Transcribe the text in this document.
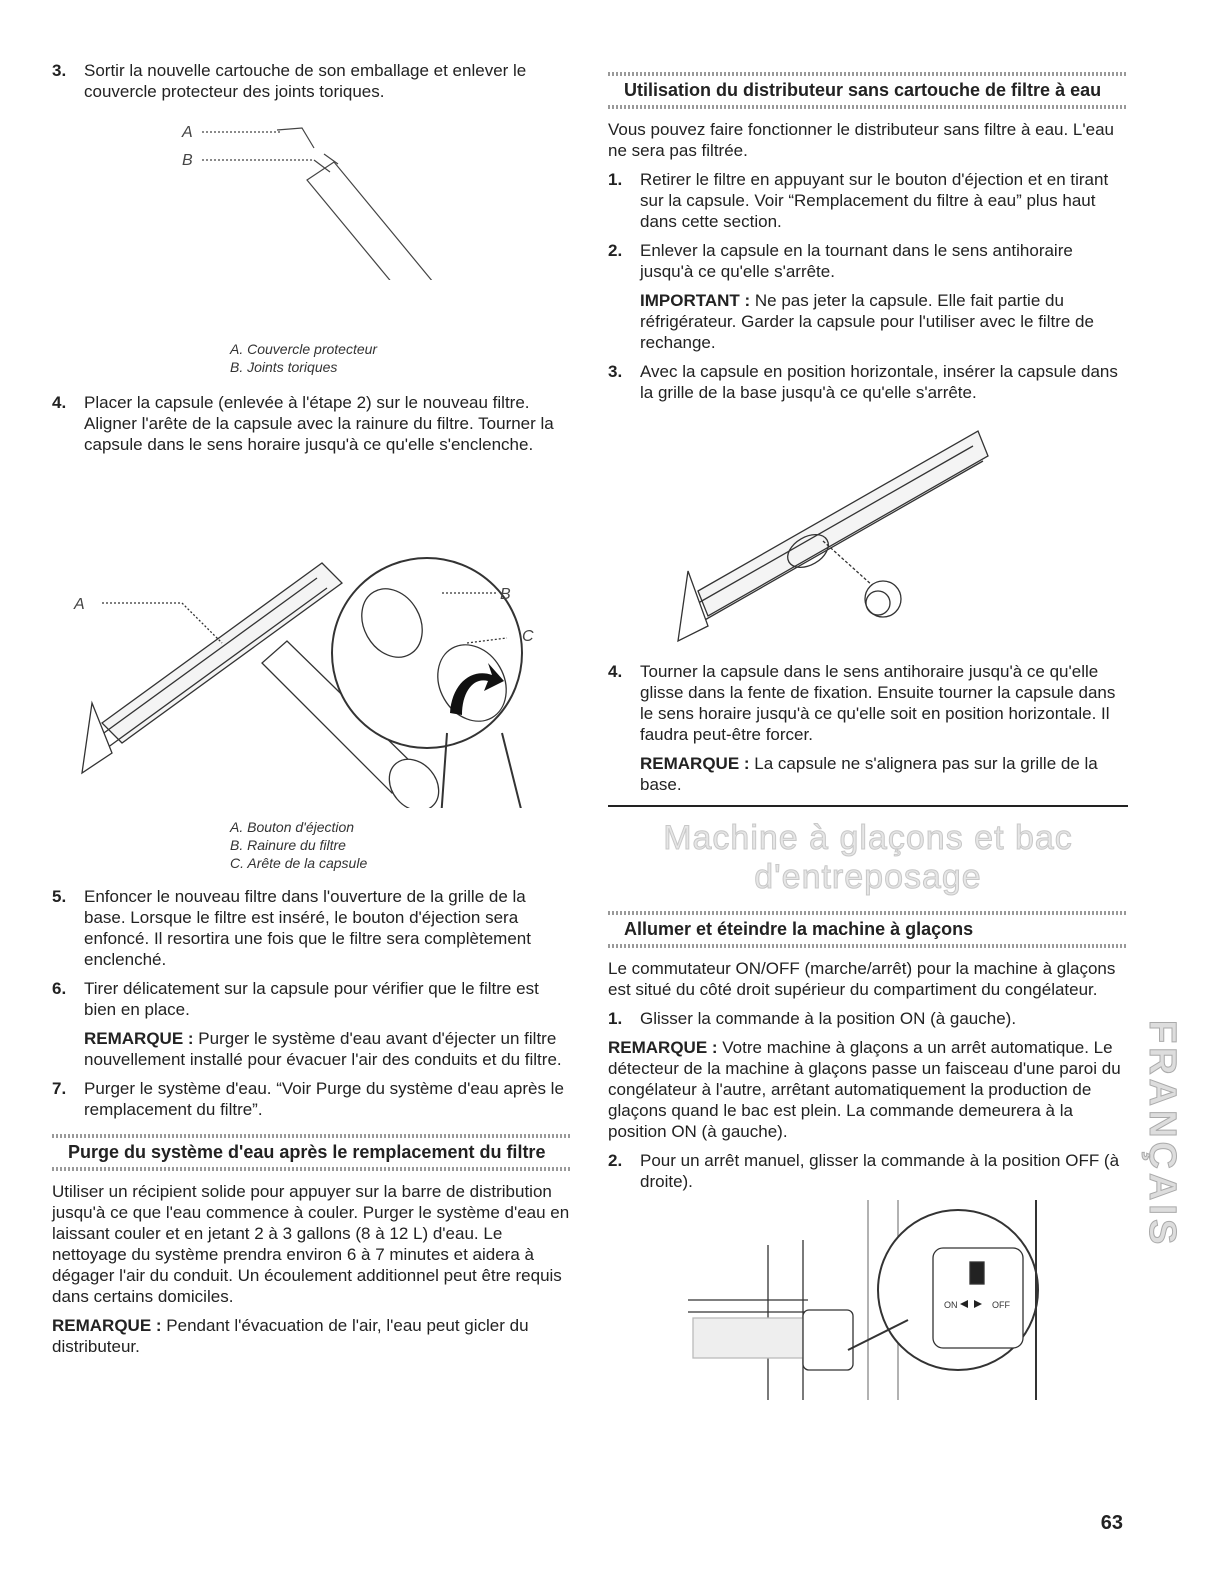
3.	Sortir la nouvelle cartouche de son emballage et enlever le couvercle protecteur des joints toriques.
A
B
A. Couvercle protecteur
B. Joints toriques
4.	Placer la capsule (enlevée à l'étape 2) sur le nouveau filtre. Aligner l'arête de la capsule avec la rainure du filtre. Tourner la capsule dans le sens horaire jusqu'à ce qu'elle s'enclenche.
A
B
C
A. Bouton d'éjection
B. Rainure du filtre
C. Arête de la capsule
5.	Enfoncer le nouveau filtre dans l'ouverture de la grille de la base. Lorsque le filtre est inséré, le bouton d'éjection sera enfoncé. Il resortira une fois que le filtre sera complètement enclenché.
6.	Tirer délicatement sur la capsule pour vérifier que le filtre est bien en place.

REMARQUE : Purger le système d'eau avant d'éjecter un filtre nouvellement installé pour évacuer l'air des conduits et du filtre.

7.	Purger le système d'eau. “Voir Purge du système d'eau après le remplacement du filtre”.
Purge du système d'eau après le remplacement du filtre

Utiliser un récipient solide pour appuyer sur la barre de distribution jusqu'à ce que l'eau commence à couler. Purger le système d'eau en laissant couler et en jetant 2 à 3 gallons (8 à 12 L) d'eau. Le nettoyage du système prendra environ 6 à 7 minutes et aidera à dégager l'air du conduit. Un écoulement additionnel peut être requis dans certains domiciles.

REMARQUE : Pendant l'évacuation de l'air, l'eau peut gicler du distributeur.

Utilisation du distributeur sans cartouche de filtre à eau

Vous pouvez faire fonctionner le distributeur sans filtre à eau. L'eau ne sera pas filtrée.

1.	Retirer le filtre en appuyant sur le bouton d'éjection et en tirant sur la capsule. Voir “Remplacement du filtre à eau” plus haut dans cette section.
2.	Enlever la capsule en la tournant dans le sens antihoraire jusqu'à ce qu'elle s'arrête.

IMPORTANT : Ne pas jeter la capsule. Elle fait partie du réfrigérateur. Garder la capsule pour l'utiliser avec le filtre de rechange.

3.	Avec la capsule en position horizontale, insérer la capsule dans la grille de la base jusqu'à ce qu'elle s'arrête.
4.	Tourner la capsule dans le sens antihoraire jusqu'à ce qu'elle glisse dans la fente de fixation. Ensuite tourner la capsule dans le sens horaire jusqu'à ce qu'elle soit en position horizontale. Il faudra peut-être forcer.

REMARQUE : La capsule ne s'alignera pas sur la grille de la base.

Machine à glaçons et bac d'entreposage
Allumer et éteindre la machine à glaçons

Le commutateur ON/OFF (marche/arrêt) pour la machine à glaçons est situé du côté droit supérieur du compartiment du congélateur.

1.	Glisser la commande à la position ON (à gauche).

REMARQUE : Votre machine à glaçons a un arrêt automatique. Le détecteur de la machine à glaçons passe un faisceau d'une paroi du congélateur à l'autre, arrêtant automatiquement la production de glaçons quand le bac est plein. La commande demeurera à la position ON (à gauche).

2.	Pour un arrêt manuel, glisser la commande à la position OFF (à droite).
ON	OFF
FRANÇAIS
63
